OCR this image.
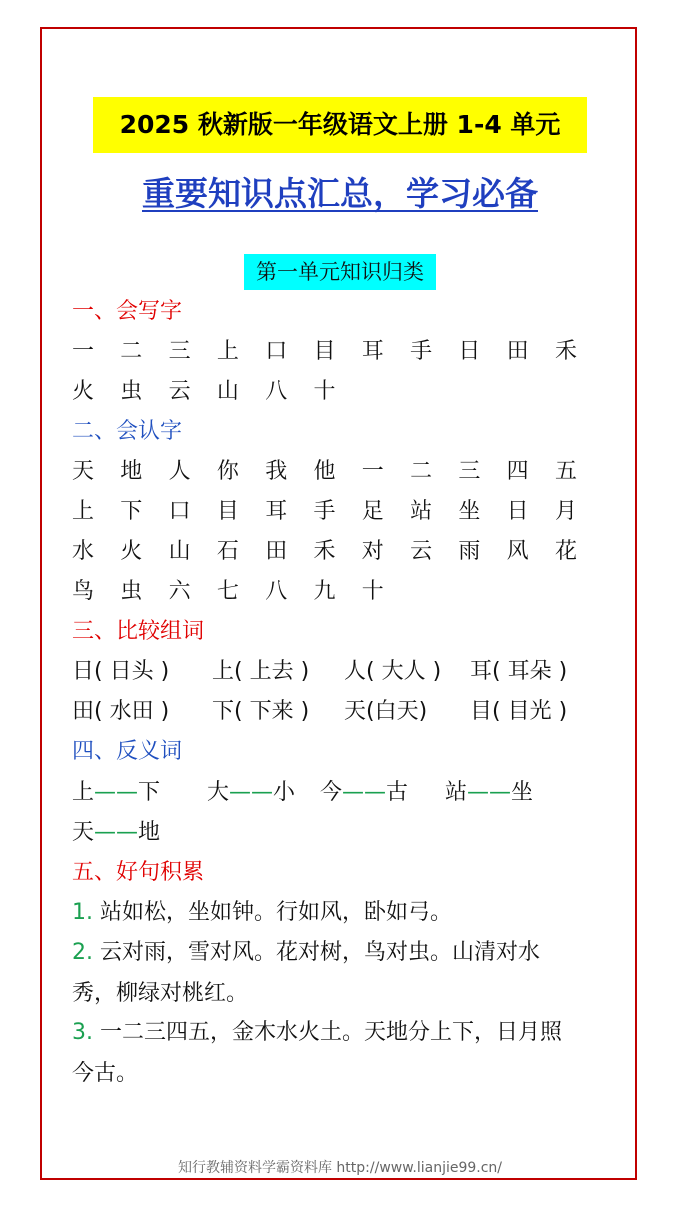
2025 秋新版一年级语文上册 1-4 单元
重要知识点汇总，学习必备
第一单元知识归类
一、会写字
一	二	三	上	口	目	耳	手	日	田	禾
火	虫	云	山	八	十
二、会认字
天	地	人	你	我	他	一	二	三	四	五
上	下	口	目	耳	手	足	站	坐	日	月
水	火	山	石	田	禾	对	云	雨	风	花
鸟	虫	六	七	八	九	十
三、比较组词
日( 日头 )	上( 上去 )	人( 大人 )	耳( 耳朵 )
田( 水田 )	下( 下来 )	天(白天)	目( 目光 )
四、反义词
上——下	大——小	今——古	站——坐
天——地
五、好句积累
1. 站如松，坐如钟。行如风，卧如弓。
2. 云对雨，雪对风。花对树，鸟对虫。山清对水
秀，柳绿对桃红。
3. 一二三四五，金木水火土。天地分上下，日月照
今古。
知行教辅资料学霸资料库 http://www.lianjie99.cn/
